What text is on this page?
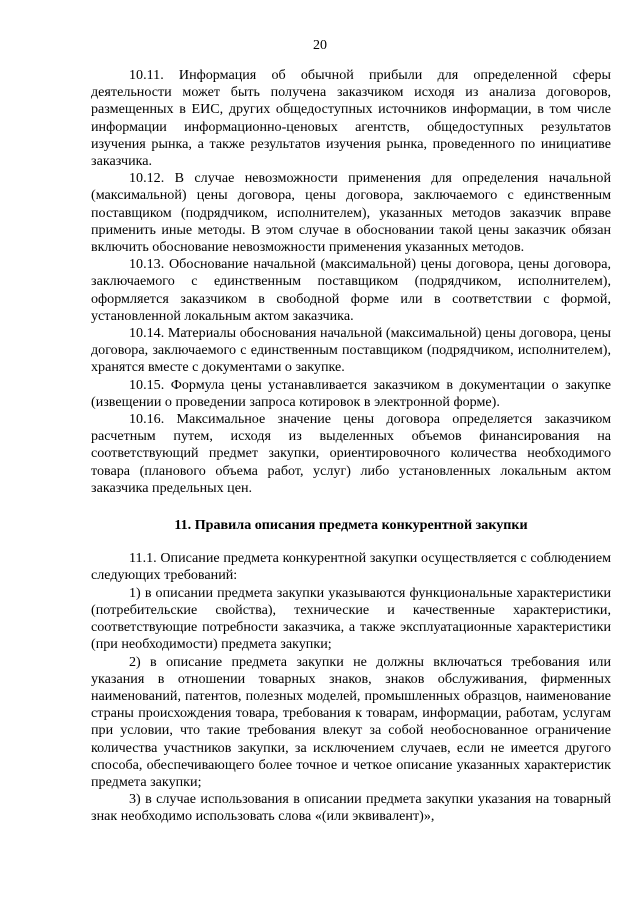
20

10.11. Информация об обычной прибыли для определенной сферы деятельности может быть получена заказчиком исходя из анализа договоров, размещенных в ЕИС, других общедоступных источников информации, в том числе информации информационно-ценовых агентств, общедоступных результатов изучения рынка, а также результатов изучения рынка, проведенного по инициативе заказчика.

10.12. В случае невозможности применения для определения начальной (максимальной) цены договора, цены договора, заключаемого с единственным поставщиком (подрядчиком, исполнителем), указанных методов заказчик вправе применить иные методы. В этом случае в обосновании такой цены заказчик обязан включить обоснование невозможности применения указанных методов.

10.13. Обоснование начальной (максимальной) цены договора, цены договора, заключаемого с единственным поставщиком (подрядчиком, исполнителем), оформляется заказчиком в свободной форме или в соответствии с формой, установленной локальным актом заказчика.

10.14. Материалы обоснования начальной (максимальной) цены договора, цены договора, заключаемого с единственным поставщиком (подрядчиком, исполнителем), хранятся вместе с документами о закупке.

10.15. Формула цены устанавливается заказчиком в документации о закупке (извещении о проведении запроса котировок в электронной форме).

10.16. Максимальное значение цены договора определяется заказчиком расчетным путем, исходя из выделенных объемов финансирования на соответствующий предмет закупки, ориентировочного количества необходимого товара (планового объема работ, услуг) либо установленных локальным актом заказчика предельных цен.

11. Правила описания предмета конкурентной закупки

11.1. Описание предмета конкурентной закупки осуществляется с соблюдением следующих требований:

1) в описании предмета закупки указываются функциональные характеристики (потребительские свойства), технические и качественные характеристики, соответствующие потребности заказчика, а также эксплуатационные характеристики (при необходимости) предмета закупки;

2) в описание предмета закупки не должны включаться требования или указания в отношении товарных знаков, знаков обслуживания, фирменных наименований, патентов, полезных моделей, промышленных образцов, наименование страны происхождения товара, требования к товарам, информации, работам, услугам при условии, что такие требования влекут за собой необоснованное ограничение количества участников закупки, за исключением случаев, если не имеется другого способа, обеспечивающего более точное и четкое описание указанных характеристик предмета закупки;

3) в случае использования в описании предмета закупки указания на товарный знак необходимо использовать слова «(или эквивалент)»,
